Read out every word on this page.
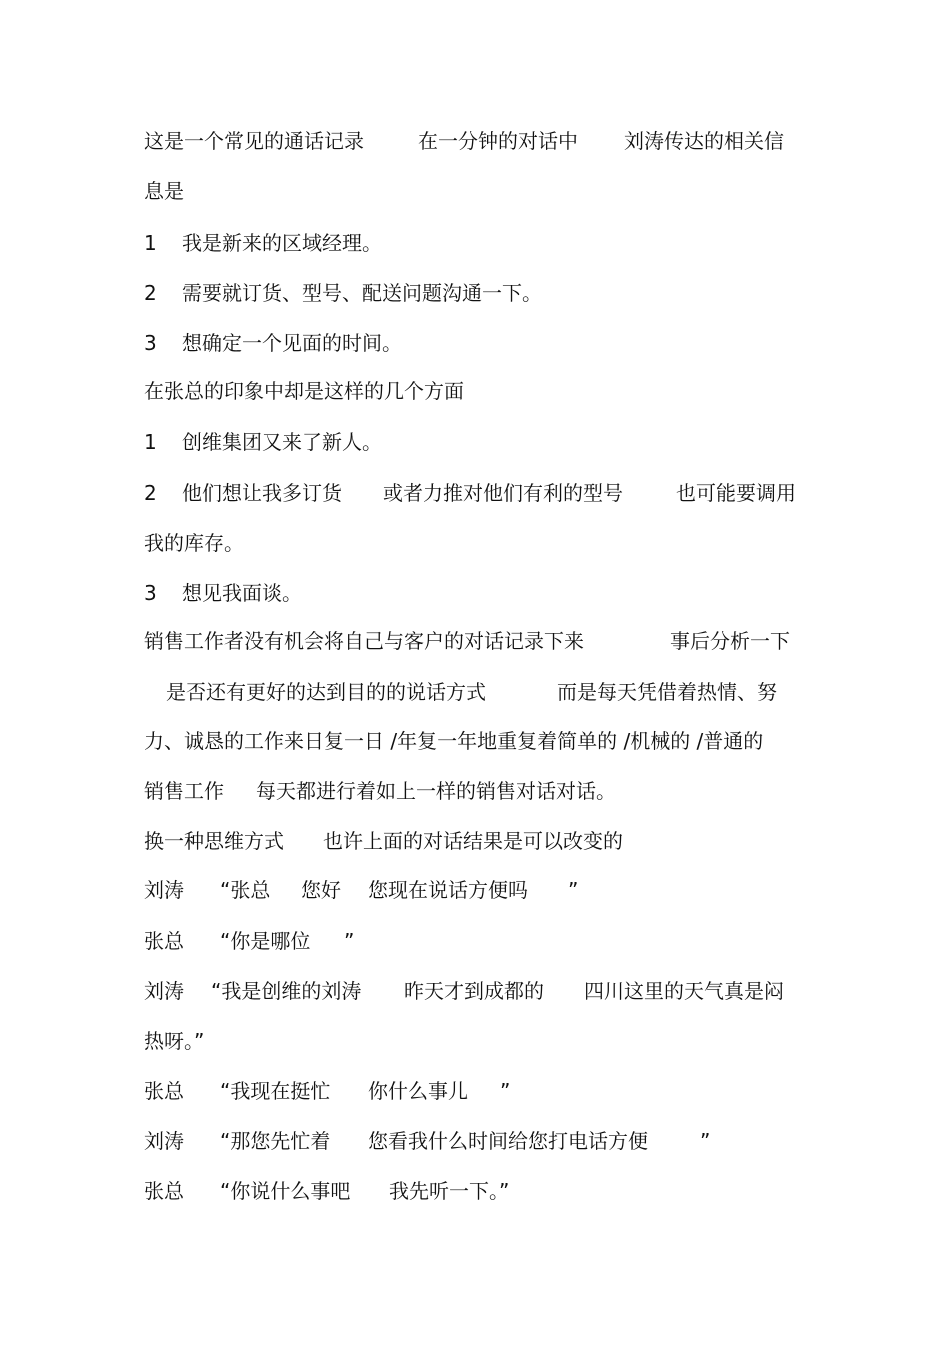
这是一个常见的通话记录	在一分钟的对话中 刘涛传达的相关信
息是
1 我是新来的区域经理。
2 需要就订货、型号、配送问题沟通一下。
3 想确定一个见面的时间。
在张总的印象中却是这样的几个方面
1 创维集团又来了新人。
2 他们想让我多订货 或者力推对他们有利的型号	也可能要调用
我的库存。
3 想见我面谈。
销售工作者没有机会将自己与客户的对话记录下来	事后分析一下
是否还有更好的达到目的的说话方式	而是每天凭借着热情、努
力、诚恳的工作来日复一日 /年复一年地重复着简单的 /机械的 /普通的
销售工作 每天都进行着如上一样的销售对话对话。
换一种思维方式 也许上面的对话结果是可以改变的
刘涛 “张总 您好 您现在说话方便吗 ”
张总 “你是哪位 ”
刘涛 “我是创维的刘涛 昨天才到成都的 四川这里的天气真是闷
热呀。”
张总 “我现在挺忙 你什么事儿 ”
刘涛 “那您先忙着 您看我什么时间给您打电话方便	”
张总 “你说什么事吧 我先听一下。”
